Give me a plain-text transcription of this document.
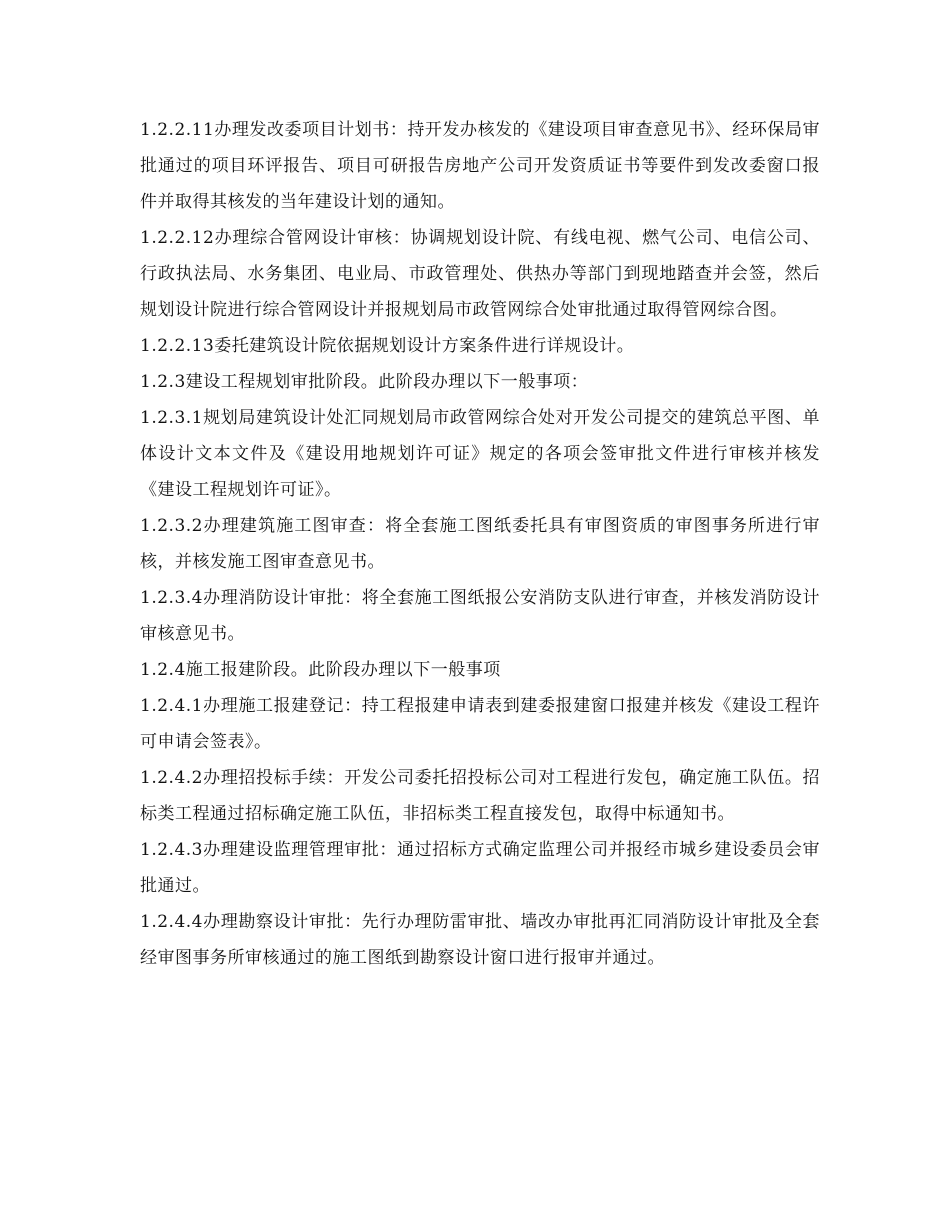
1.2.2.11办理发改委项目计划书：持开发办核发的《建设项目审查意见书》、经环保局审批通过的项目环评报告、项目可研报告房地产公司开发资质证书等要件到发改委窗口报件并取得其核发的当年建设计划的通知。

1.2.2.12办理综合管网设计审核：协调规划设计院、有线电视、燃气公司、电信公司、行政执法局、水务集团、电业局、市政管理处、供热办等部门到现地踏查并会签，然后规划设计院进行综合管网设计并报规划局市政管网综合处审批通过取得管网综合图。

1.2.2.13委托建筑设计院依据规划设计方案条件进行详规设计。

1.2.3建设工程规划审批阶段。此阶段办理以下一般事项：

1.2.3.1规划局建筑设计处汇同规划局市政管网综合处对开发公司提交的建筑总平图、单体设计文本文件及《建设用地规划许可证》规定的各项会签审批文件进行审核并核发《建设工程规划许可证》。

1.2.3.2办理建筑施工图审查：将全套施工图纸委托具有审图资质的审图事务所进行审核，并核发施工图审查意见书。

1.2.3.4办理消防设计审批：将全套施工图纸报公安消防支队进行审查，并核发消防设计审核意见书。

1.2.4施工报建阶段。此阶段办理以下一般事项

1.2.4.1办理施工报建登记：持工程报建申请表到建委报建窗口报建并核发《建设工程许可申请会签表》。

1.2.4.2办理招投标手续：开发公司委托招投标公司对工程进行发包，确定施工队伍。招标类工程通过招标确定施工队伍，非招标类工程直接发包，取得中标通知书。

1.2.4.3办理建设监理管理审批：通过招标方式确定监理公司并报经市城乡建设委员会审批通过。

1.2.4.4办理勘察设计审批：先行办理防雷审批、墙改办审批再汇同消防设计审批及全套经审图事务所审核通过的施工图纸到勘察设计窗口进行报审并通过。
